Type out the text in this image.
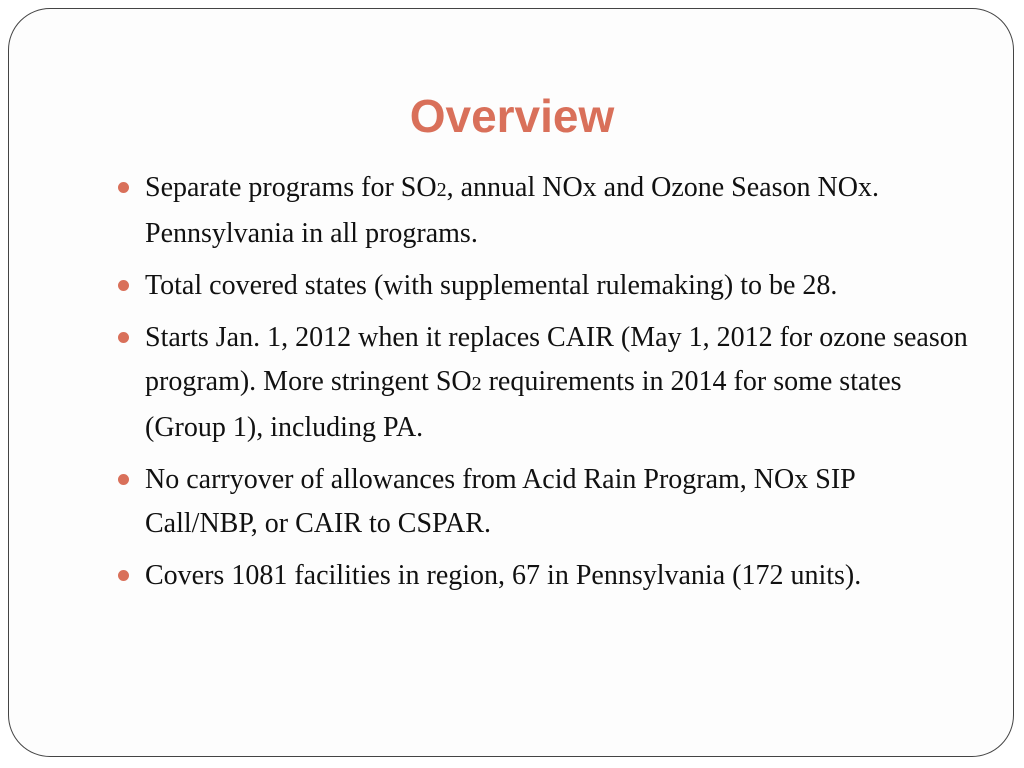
Overview
Separate programs for SO2, annual NOx and Ozone Season NOx. Pennsylvania in all programs.
Total covered states (with supplemental rulemaking) to be 28.
Starts Jan. 1, 2012 when it replaces CAIR (May 1, 2012 for ozone season program). More stringent SO2 requirements in 2014 for some states (Group 1), including PA.
No carryover of allowances from Acid Rain Program, NOx SIP Call/NBP, or CAIR to CSPAR.
Covers 1081 facilities in region, 67 in Pennsylvania (172 units).
